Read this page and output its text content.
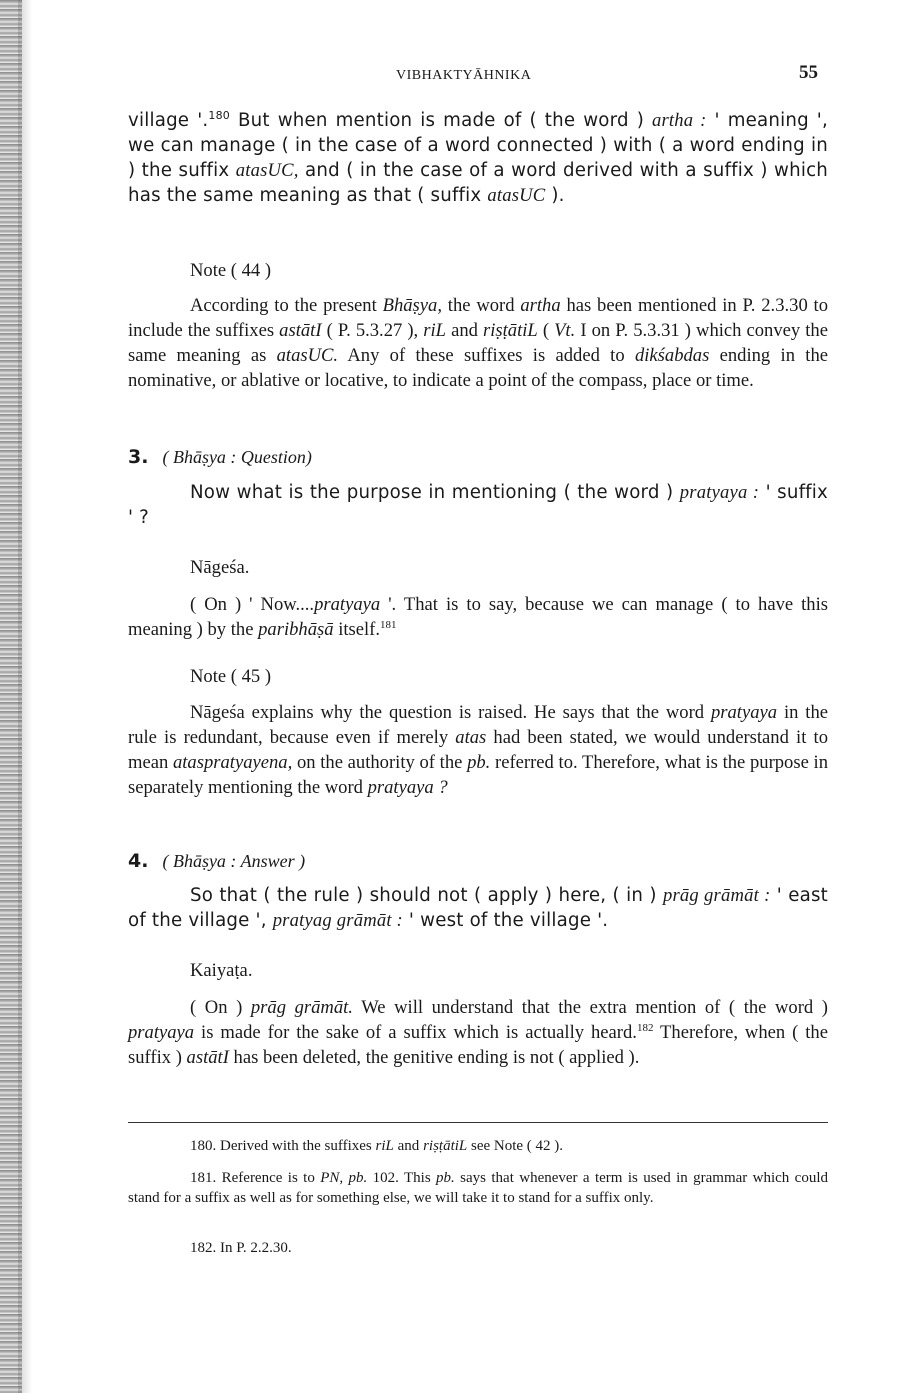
VIBHAKTYĀHNIKA	55

village '.$^{180}$ But when mention is made of ( the word ) artha : ' meaning ', we can manage ( in the case of a word connected ) with ( a word ending in ) the suffix atasUC, and ( in the case of a word derived with a suffix ) which has the same meaning as that ( suffix atasUC ).

Note ( 44 )

According to the present Bhāṣya, the word artha has been mentioned in P. 2.3.30 to include the suffixes astātI ( P. 5.3.27 ), riL and riṣṭātiL ( Vt. I on P. 5.3.31 ) which convey the same meaning as atasUC. Any of these suffixes is added to dikśabdas ending in the nominative, or ablative or locative, to indicate a point of the compass, place or time.

3. ( Bhāṣya : Question)

Now what is the purpose in mentioning ( the word ) pratyaya : ' suffix ' ?

Nāgeśa.

( On ) ' Now....pratyaya '. That is to say, because we can manage ( to have this meaning ) by the paribhāṣā itself.$^{181}$

Note ( 45 )

Nāgeśa explains why the question is raised. He says that the word pratyaya in the rule is redundant, because even if merely atas had been stated, we would understand it to mean ataspratyayena, on the authority of the pb. referred to. Therefore, what is the purpose in separately mentioning the word pratyaya ?

4. ( Bhāṣya : Answer )

So that ( the rule ) should not ( apply ) here, ( in ) prāg grāmāt : ' east of the village ', pratyag grāmāt : ' west of the village '.

Kaiyaṭa.

( On ) prāg grāmāt. We will understand that the extra mention of ( the word ) pratyaya is made for the sake of a suffix which is actually heard.$^{182}$ Therefore, when ( the suffix ) astātI has been deleted, the genitive ending is not ( applied ).

180. Derived with the suffixes riL and riṣṭātiL see Note ( 42 ).

181. Reference is to PN, pb. 102. This pb. says that whenever a term is used in grammar which could stand for a suffix as well as for something else, we will take it to stand for a suffix only.

182. In P. 2.2.30.
